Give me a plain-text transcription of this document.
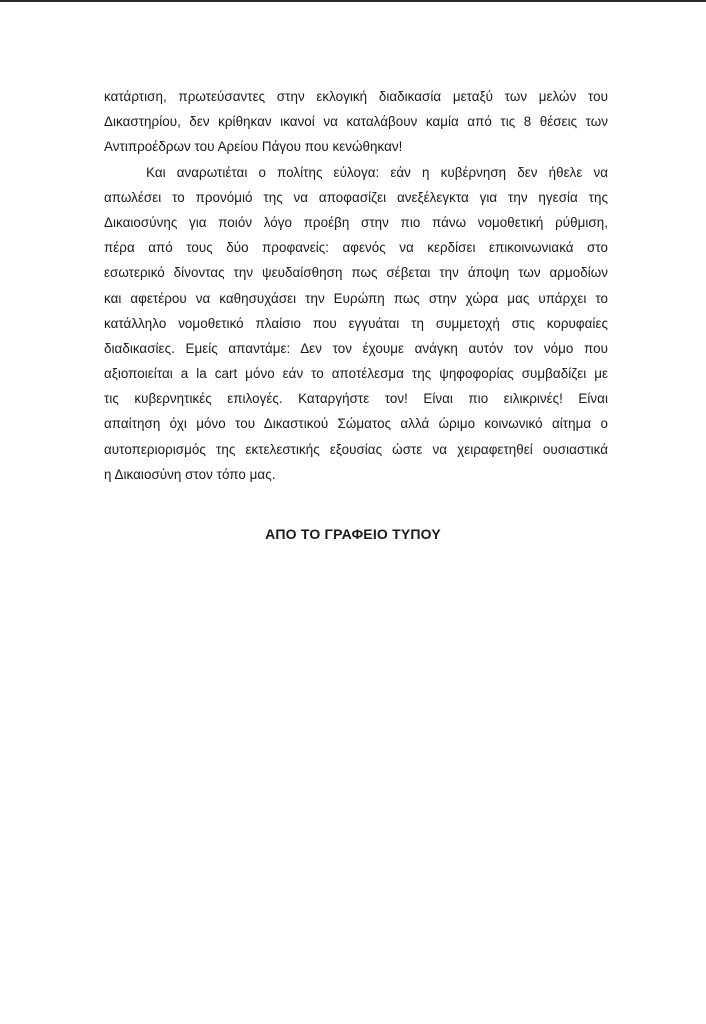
κατάρτιση, πρωτεύσαντες στην εκλογική διαδικασία μεταξύ των μελών του
Δικαστηρίου, δεν κρίθηκαν ικανοί να καταλάβουν καμία από τις 8 θέσεις των
Αντιπροέδρων του Αρείου Πάγου που κενώθηκαν!
Και αναρωτιέται ο πολίτης εύλογα: εάν η κυβέρνηση δεν ήθελε να
απωλέσει το προνόμιό της να αποφασίζει ανεξέλεγκτα για την ηγεσία της
Δικαιοσύνης για ποιόν λόγο προέβη στην πιο πάνω νομοθετική ρύθμιση,
πέρα από τους δύο προφανείς: αφενός να κερδίσει επικοινωνιακά στο
εσωτερικό δίνοντας την ψευδαίσθηση πως σέβεται την άποψη των αρμοδίων
και αφετέρου να καθησυχάσει την Ευρώπη πως στην χώρα μας υπάρχει το
κατάλληλο νομοθετικό πλαίσιο που εγγυάται τη συμμετοχή στις κορυφαίες
διαδικασίες. Εμείς απαντάμε: Δεν τον έχουμε ανάγκη αυτόν τον νόμο που
αξιοποιείται a la cart μόνο εάν το αποτέλεσμα της ψηφοφορίας συμβαδίζει με
τις κυβερνητικές επιλογές. Καταργήστε τον! Είναι πιο ειλικρινές! Είναι
απαίτηση όχι μόνο του Δικαστικού Σώματος αλλά ώριμο κοινωνικό αίτημα ο
αυτοπεριορισμός της εκτελεστικής εξουσίας ώστε να χειραφετηθεί ουσιαστικά
η Δικαιοσύνη στον τόπο μας.
ΑΠΟ ΤΟ ΓΡΑΦΕΙΟ ΤΥΠΟΥ
